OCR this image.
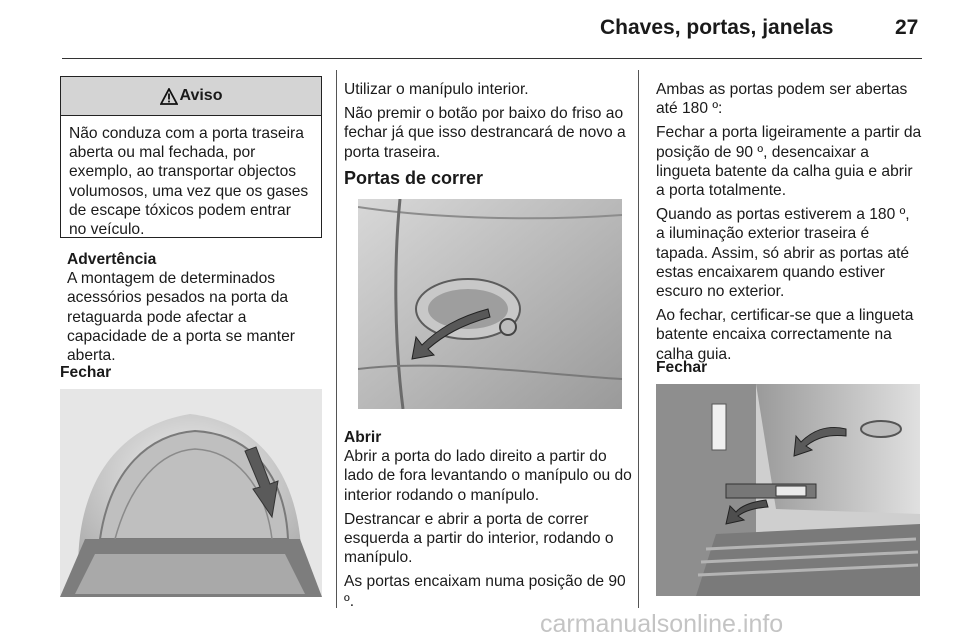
Chaves, portas, janelas	27
Aviso
Não conduza com a porta traseira aberta ou mal fechada, por exemplo, ao transportar objectos volumosos, uma vez que os gases de escape tóxicos podem entrar no veículo.
Advertência
A montagem de determinados acessórios pesados na porta da retaguarda pode afectar a capacidade de a porta se manter aberta.
Fechar

Utilizar o manípulo interior.

Não premir o botão por baixo do friso ao fechar já que isso destrancará de novo a porta traseira.

Portas de correr
Abrir

Abrir a porta do lado direito a partir do lado de fora levantando o manípulo ou do interior rodando o manípulo.

Destrancar e abrir a porta de correr esquerda a partir do interior, rodando o manípulo.

As portas encaixam numa posição de 90 º.

Ambas as portas podem ser abertas até 180 º:

Fechar a porta ligeiramente a partir da posição de 90 º, desencaixar a lingueta batente da calha guia e abrir a porta totalmente.

Quando as portas estiverem a 180 º, a iluminação exterior traseira é tapada. Assim, só abrir as portas até estas encaixarem quando estiver escuro no exterior.

Ao fechar, certificar-se que a lingueta batente encaixa correctamente na calha guia.

Fechar
carmanualsonline.info
